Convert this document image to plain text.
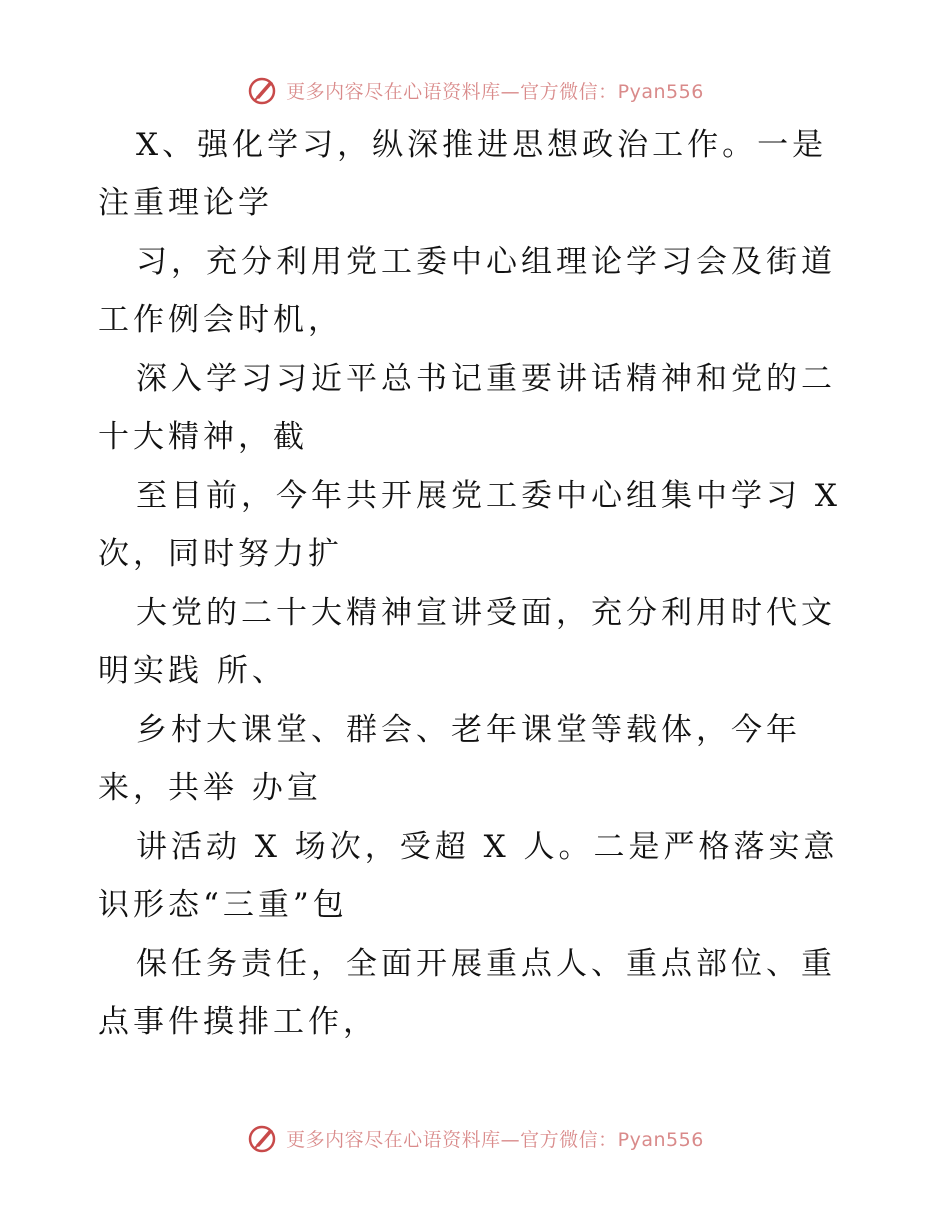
更多内容尽在心语资料库—官方微信：Pyan556

X、强化学习，纵深推进思想政治工作。一是注重理论学

习，充分利用党工委中心组理论学习会及街道工作例会时机，

深入学习习近平总书记重要讲话精神和党的二十大精神，截

至目前，今年共开展党工委中心组集中学习 X 次，同时努力扩

大党的二十大精神宣讲受面，充分利用时代文明实践 所、

乡村大课堂、群会、老年课堂等载体，今年来，共举 办宣

讲活动 X 场次，受超 X 人。二是严格落实意识形态“三重”包

保任务责任，全面开展重点人、重点部位、重点事件摸排工作，

更多内容尽在心语资料库—官方微信：Pyan556
